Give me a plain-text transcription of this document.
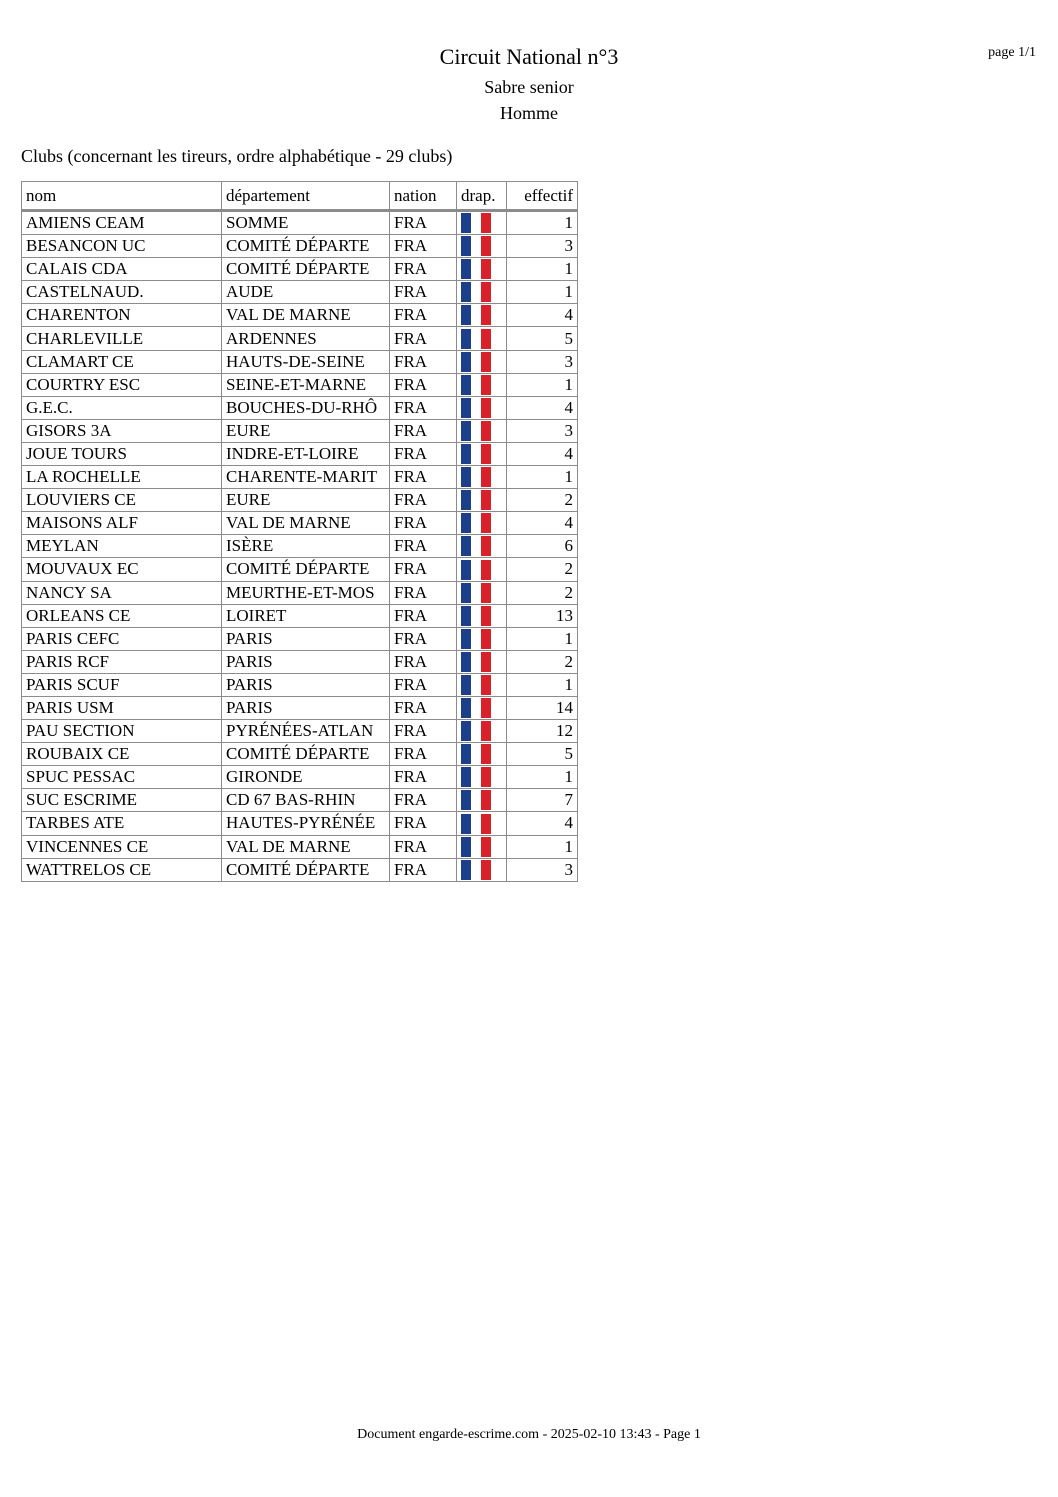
Circuit National n°3
Sabre senior
Homme
page 1/1
Clubs (concernant les tireurs, ordre alphabétique - 29 clubs)
nom	département	nation	drap.	effectif
AMIENS CEAM	SOMME	FRA		1
BESANCON UC	COMITÉ DÉPARTE	FRA		3
CALAIS CDA	COMITÉ DÉPARTE	FRA		1
CASTELNAUD.	AUDE	FRA		1
CHARENTON	VAL DE MARNE	FRA		4
CHARLEVILLE	ARDENNES	FRA		5
CLAMART CE	HAUTS-DE-SEINE	FRA		3
COURTRY ESC	SEINE-ET-MARNE	FRA		1
G.E.C.	BOUCHES-DU-RHÔ	FRA		4
GISORS 3A	EURE	FRA		3
JOUE TOURS	INDRE-ET-LOIRE	FRA		4
LA ROCHELLE	CHARENTE-MARIT	FRA		1
LOUVIERS CE	EURE	FRA		2
MAISONS ALF	VAL DE MARNE	FRA		4
MEYLAN	ISÈRE	FRA		6
MOUVAUX EC	COMITÉ DÉPARTE	FRA		2
NANCY SA	MEURTHE-ET-MOS	FRA		2
ORLEANS CE	LOIRET	FRA		13
PARIS CEFC	PARIS	FRA		1
PARIS RCF	PARIS	FRA		2
PARIS SCUF	PARIS	FRA		1
PARIS USM	PARIS	FRA		14
PAU SECTION	PYRÉNÉES-ATLAN	FRA		12
ROUBAIX CE	COMITÉ DÉPARTE	FRA		5
SPUC PESSAC	GIRONDE	FRA		1
SUC ESCRIME	CD 67 BAS-RHIN	FRA		7
TARBES ATE	HAUTES-PYRÉNÉE	FRA		4
VINCENNES CE	VAL DE MARNE	FRA		1
WATTRELOS CE	COMITÉ DÉPARTE	FRA		3
Document engarde-escrime.com - 2025-02-10 13:43 - Page 1
